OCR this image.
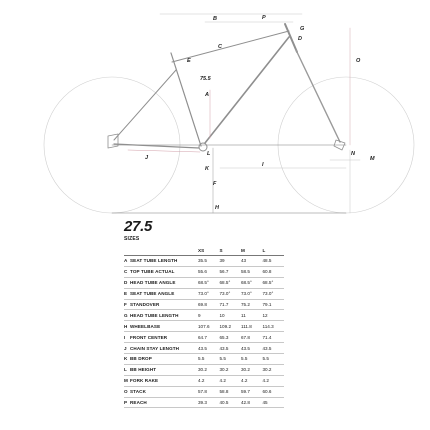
A
B
C
D
E
F
G
H
I
J
K
L
M
N
O
P
75.5
27.5
SIZES
		XS	S	M	L
A	SEAT TUBE LENGTH	35.5	39	43	48.5
C	TOP TUBE ACTUAL	55.6	56.7	58.5	60.8
D	HEAD TUBE ANGLE	68.5°	68.5°	68.5°	68.5°
E	SEAT TUBE ANGLE	73.0°	73.0°	73.0°	73.0°
F	STANDOVER	69.8	71.7	75.2	79.1
G	HEAD TUBE LENGTH	9	10	11	12
H	WHEELBASE	107.6	109.2	111.8	114.3
I	FRONT CENTER	64.7	65.3	67.8	71.4
J	CHAIN STAY LENGTH	43.5	43.5	43.5	43.5
K	BB DROP	5.5	5.5	5.5	5.5
L	BB HEIGHT	30.2	30.2	30.2	30.2
M	FORK RAKE	4.2	4.2	4.2	4.2
O	STACK	57.8	58.8	59.7	60.6
P	REACH	39.3	40.5	42.8	45
